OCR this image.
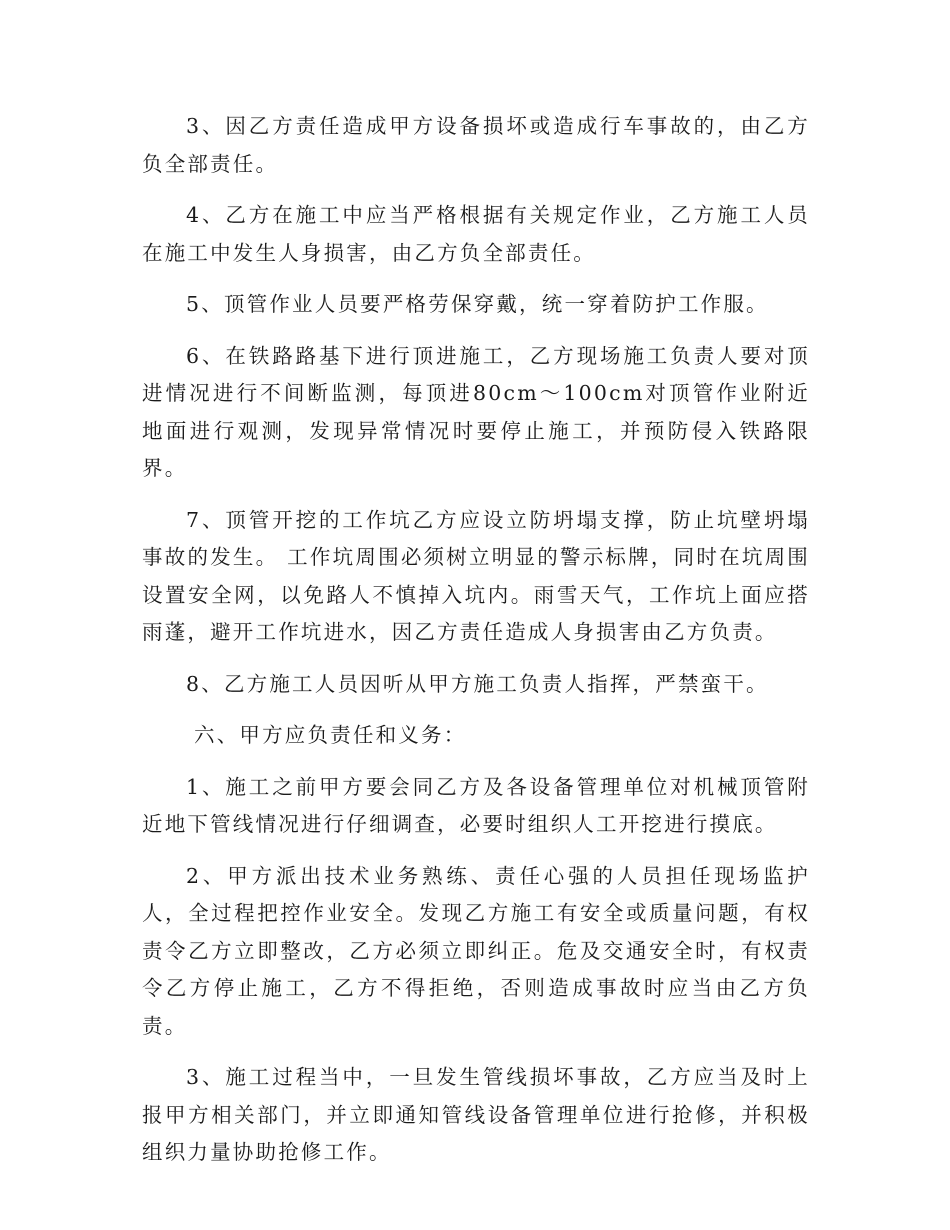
3、因乙方责任造成甲方设备损坏或造成行车事故的，由乙方负全部责任。

4、乙方在施工中应当严格根据有关规定作业，乙方施工人员在施工中发生人身损害，由乙方负全部责任。

5、顶管作业人员要严格劳保穿戴，统一穿着防护工作服。

6、在铁路路基下进行顶进施工，乙方现场施工负责人要对顶进情况进行不间断监测，每顶进80cm～100cm对顶管作业附近地面进行观测，发现异常情况时要停止施工，并预防侵入铁路限界。

7、顶管开挖的工作坑乙方应设立防坍塌支撑，防止坑壁坍塌事故的发生。 工作坑周围必须树立明显的警示标牌，同时在坑周围设置安全网，以免路人不慎掉入坑内。雨雪天气，工作坑上面应搭雨蓬，避开工作坑进水，因乙方责任造成人身损害由乙方负责。

8、乙方施工人员因听从甲方施工负责人指挥，严禁蛮干。

六、甲方应负责任和义务：

1、施工之前甲方要会同乙方及各设备管理单位对机械顶管附近地下管线情况进行仔细调查，必要时组织人工开挖进行摸底。

2、甲方派出技术业务熟练、责任心强的人员担任现场监护人，全过程把控作业安全。发现乙方施工有安全或质量问题，有权责令乙方立即整改，乙方必须立即纠正。危及交通安全时，有权责令乙方停止施工，乙方不得拒绝，否则造成事故时应当由乙方负责。

3、施工过程当中，一旦发生管线损坏事故，乙方应当及时上报甲方相关部门，并立即通知管线设备管理单位进行抢修，并积极组织力量协助抢修工作。
